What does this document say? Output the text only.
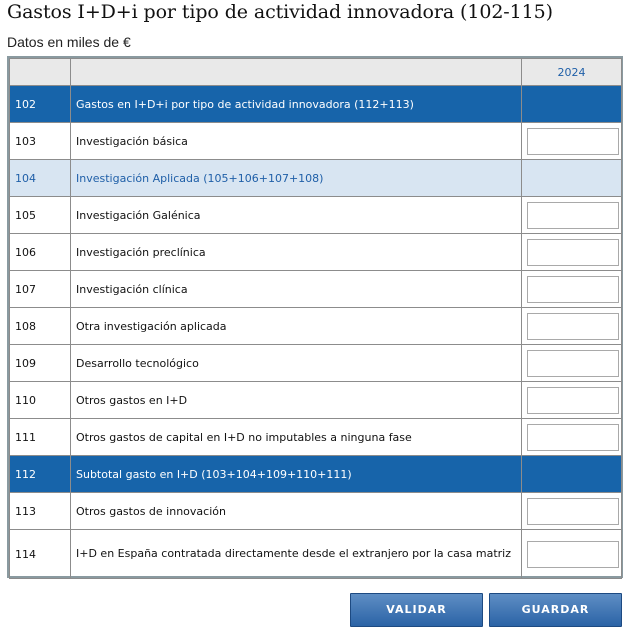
Gastos I+D+i por tipo de actividad innovadora (102-115)
Datos en miles de €
		2024
102	Gastos en I+D+i por tipo de actividad innovadora (112+113)	
103	Investigación básica	

104	Investigación Aplicada (105+106+107+108)	
105	Investigación Galénica	

106	Investigación preclínica	

107	Investigación clínica	

108	Otra investigación aplicada	

109	Desarrollo tecnológico	

110	Otros gastos en I+D	

111	Otros gastos de capital en I+D no imputables a ninguna fase	

112	Subtotal gasto en I+D (103+104+109+110+111)	
113	Otros gastos de innovación	

114	I+D en España contratada directamente desde el extranjero por la casa matriz	
VALIDAR	GUARDAR
